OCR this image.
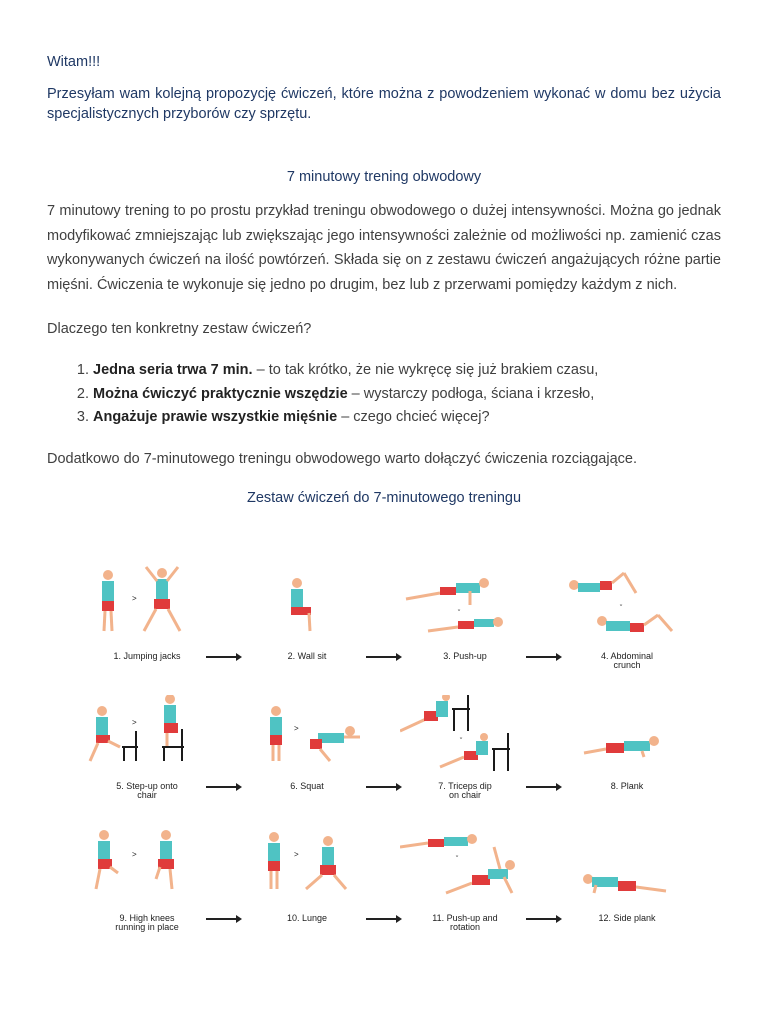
Witam!!!

Przesyłam wam kolejną propozycję ćwiczeń, które można z powodzeniem wykonać w domu bez użycia specjalistycznych przyborów czy sprzętu.

7 minutowy trening obwodowy

7 minutowy trening to po prostu przykład treningu obwodowego o dużej intensywności. Można go jednak modyfikować zmniejszając lub zwiększając jego intensywności zależnie od możliwości np. zamienić czas wykonywanych ćwiczeń na ilość powtórzeń. Składa się on z zestawu ćwiczeń angażujących różne partie mięśni. Ćwiczenia te wykonuje się jedno po drugim, bez lub z przerwami pomiędzy każdym z nich.

Dlaczego ten konkretny zestaw ćwiczeń?

1. Jedna seria trwa 7 min. – to tak krótko, że nie wykręcę się już brakiem czasu,
2. Można ćwiczyć praktycznie wszędzie – wystarczy podłoga, ściana i krzesło,
3. Angażuje prawie wszystkie mięśnie – czego chcieć więcej?

Dodatkowo do 7-minutowego treningu obwodowego warto dołączyć ćwiczenia rozciągające.

Zestaw ćwiczeń do 7-minutowego treningu

>
1. Jumping jacks	2. Wall sit

˘
3. Push-up

˘
4. Abdominal
crunch
>
5. Step-up onto
chair
>
6. Squat

˘
7. Triceps dip
on chair
8. Plank

>
9. High knees
running in place
>
10. Lunge

˘
11. Push-up and
rotation
12. Side plank
